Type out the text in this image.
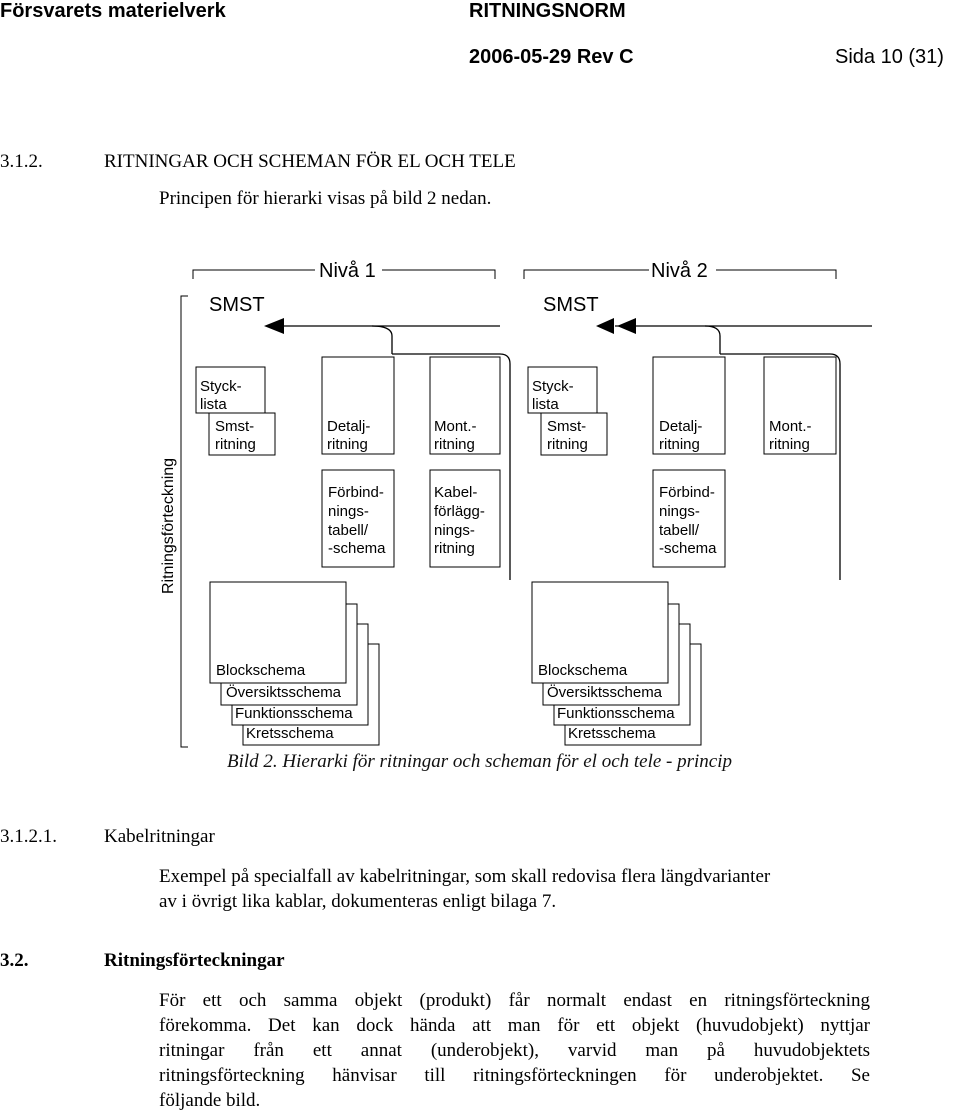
Försvarets materielverk	RITNINGSNORM
2006-05-29 Rev C	Sida 10 (31)
3.1.2.	RITNINGAR OCH SCHEMAN FÖR EL OCH TELE
Principen för hierarki visas på bild 2 nedan.
Nivå 1	Nivå 2
Ritningsförteckning
SMST	SMST
Styck-
lista
Smst-
ritning
Detalj-
ritning
Mont.-
ritning
Förbind-
nings-
tabell/
-schema
Kabel-
förlägg-
nings-
ritning
Blockschema
Översiktsschema
Funktionsschema
Kretsschema
Styck-
lista
Smst-
ritning
Detalj-
ritning
Mont.-
ritning
Förbind-
nings-
tabell/
-schema
Blockschema
Översiktsschema
Funktionsschema
Kretsschema
Bild 2. Hierarki för ritningar och scheman för el och tele - princip
3.1.2.1. Kabelritningar
Exempel på specialfall av kabelritningar, som skall redovisa flera längdvarianter
av i övrigt lika kablar, dokumenteras enligt bilaga 7.
3.2.	Ritningsförteckningar
För ett och samma objekt (produkt) får normalt endast en ritningsförteckning
förekomma. Det kan dock hända att man för ett objekt (huvudobjekt) nyttjar
ritningar från ett annat (underobjekt), varvid man på huvudobjektets
ritningsförteckning hänvisar till ritningsförteckningen för underobjektet. Se
följande bild.
